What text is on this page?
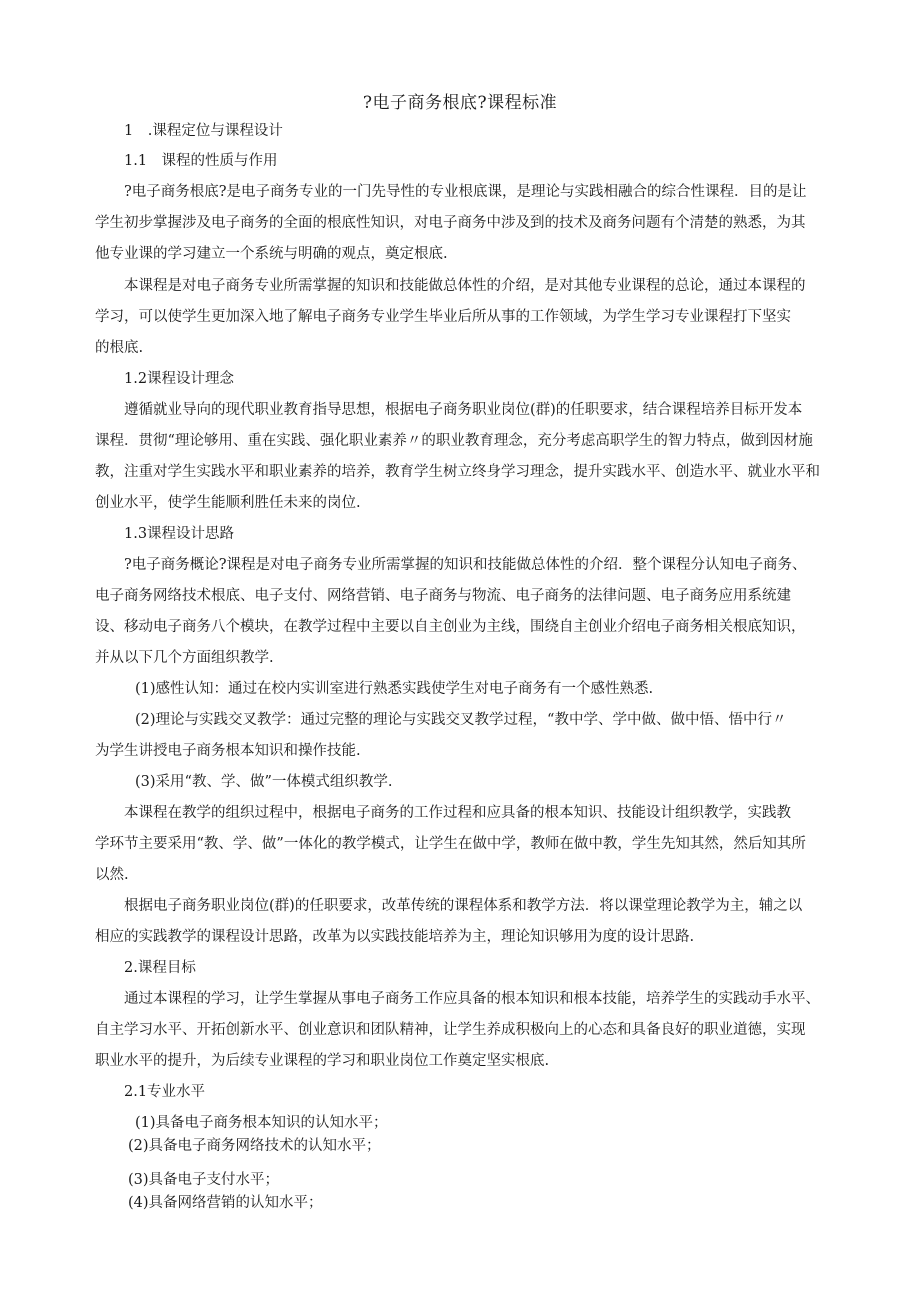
?电子商务根底?课程标准
1　.课程定位与课程设计
1.1　课程的性质与作用
?电子商务根底?是电子商务专业的一门先导性的专业根底课，是理论与实践相融合的综合性课程．目的是让
学生初步掌握涉及电子商务的全面的根底性知识，对电子商务中涉及到的技术及商务问题有个清楚的熟悉，为其
他专业课的学习建立一个系统与明确的观点，奠定根底.
本课程是对电子商务专业所需掌握的知识和技能做总体性的介绍，是对其他专业课程的总论，通过本课程的
学习，可以使学生更加深入地了解电子商务专业学生毕业后所从事的工作领域，为学生学习专业课程打下坚实
的根底.
1.2课程设计理念
遵循就业导向的现代职业教育指导思想，根据电子商务职业岗位(群)的任职要求，结合课程培养目标开发本
课程．贯彻“理论够用、重在实践、强化职业素养〃的职业教育理念，充分考虑高职学生的智力特点，做到因材施
教，注重对学生实践水平和职业素养的培养，教育学生树立终身学习理念，提升实践水平、创造水平、就业水平和
创业水平，使学生能顺利胜任未来的岗位.
1.3课程设计思路
?电子商务概论?课程是对电子商务专业所需掌握的知识和技能做总体性的介绍．整个课程分认知电子商务、
电子商务网络技术根底、电子支付、网络营销、电子商务与物流、电子商务的法律问题、电子商务应用系统建
设、移动电子商务八个模块，在教学过程中主要以自主创业为主线，围绕自主创业介绍电子商务相关根底知识，
并从以下几个方面组织教学.
(1)感性认知：通过在校内实训室进行熟悉实践使学生对电子商务有一个感性熟悉.
(2)理论与实践交叉教学：通过完整的理论与实践交叉教学过程，“教中学、学中做、做中悟、悟中行〃
为学生讲授电子商务根本知识和操作技能.
(3)采用“教、学、做”一体模式组织教学.
本课程在教学的组织过程中，根据电子商务的工作过程和应具备的根本知识、技能设计组织教学，实践教
学环节主要采用“教、学、做”一体化的教学模式，让学生在做中学，教师在做中教，学生先知其然，然后知其所
以然.
根据电子商务职业岗位(群)的任职要求，改革传统的课程体系和教学方法．将以课堂理论教学为主，辅之以
相应的实践教学的课程设计思路，改革为以实践技能培养为主，理论知识够用为度的设计思路.
2.课程目标
通过本课程的学习，让学生掌握从事电子商务工作应具备的根本知识和根本技能，培养学生的实践动手水平、
自主学习水平、开拓创新水平、创业意识和团队精神，让学生养成积极向上的心态和具备良好的职业道德，实现
职业水平的提升，为后续专业课程的学习和职业岗位工作奠定坚实根底.
2.1专业水平
(1)具备电子商务根本知识的认知水平；
(2)具备电子商务网络技术的认知水平；
(3)具备电子支付水平；
(4)具备网络营销的认知水平；
